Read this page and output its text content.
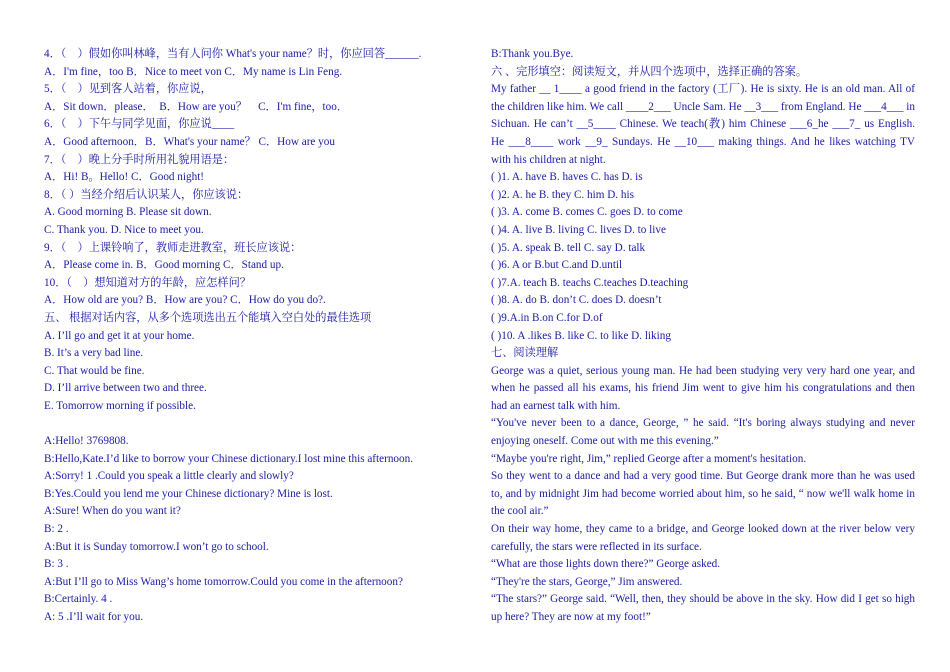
4．（　）假如你叫林峰，当有人问你 What's your name？时，你应回答______.
A．I'm fine，too B．Nice to meet von C．My name is Lin Feng.
5．（　）见到客人站着，你应说，
A．Sit down．please．　B．How are you？　C．I'm fine，too．
6．（　）下午与同学见面，你应说____
A．Good afternoon．B．What's your name？ C．How are you
7．（　）晚上分手时所用礼貌用语是：
A．Hi! B。Hello! C．Good night!
8．（ ）当经介绍后认识某人，你应该说：
A. Good morning B. Please sit down.
C. Thank you. D. Nice to meet you.
9．（　）上课铃响了，教师走进教室，班长应该说：
A．Please come in. B．Good morning C．Stand up.
10．（　）想知道对方的年龄，应怎样问？
A．How old are you? B．How are you? C．How do you do?.
五、 根据对话内容，从多个选项选出五个能填入空白处的最佳选项
A. I’ll go and get it at your home.
B. It’s a very bad line.
C. That would be fine.
D. I’ll arrive between two and three.
E. Tomorrow morning if possible.
A:Hello! 3769808.
B:Hello,Kate.I’d like to borrow your Chinese dictionary.I lost mine this afternoon.
A:Sorry! 1 .Could you speak a little clearly and slowly?
B:Yes.Could you lend me your Chinese dictionary? Mine is lost.
A:Sure! When do you want it?
B: 2 .
A:But it is Sunday tomorrow.I won’t go to school.
B: 3 .
A:But I’ll go to Miss Wang’s home tomorrow.Could you come in the afternoon?
B:Certainly. 4 .
A: 5 .I’ll wait for you.
B:Thank you.Bye.
六 、完形填空：阅读短文，并从四个选项中，选择正确的答案。
My father __ 1____ a good friend in the factory (工厂). He is sixty. He is an old man. All of the children like him. We call ____2___ Uncle Sam. He __3___ from England. He ___4___ in Sichuan. He can’t __5____ Chinese. We teach(教) him Chinese ___6_he ___7_ us English. He ___8____ work __9_ Sundays. He __10___ making things. And he likes watching TV with his children at night.
( )1. A. have B. haves C. has D. is
( )2. A. he B. they C. him D. his
( )3. A. come B. comes C. goes D. to come
( )4. A. live B. living C. lives D. to live
( )5. A. speak B. tell C. say D. talk
( )6. A or B.but C.and D.until
( )7.A. teach B. teachs C.teaches D.teaching
( )8. A. do B. don’t C. does D. doesn’t
( )9.A.in B.on C.for D.of
( )10. A .likes B. like C. to like D. liking
七、阅读理解
George was a quiet, serious young man. He had been studying very very hard one year, and when he passed all his exams, his friend Jim went to give him his congratulations and then had an earnest talk with him.
“You've never been to a dance, George, ” he said. “It's boring always studying and never enjoying oneself. Come out with me this evening.”
“Maybe you're right, Jim,” replied George after a moment's hesitation.
So they went to a dance and had a very good time. But George drank more than he was used to, and by midnight Jim had become worried about him, so he said, “ now we'll walk home in the cool air.”
On their way home, they came to a bridge, and George looked down at the river below very carefully, the stars were reflected in its surface.
“What are those lights down there?” George asked.
“They're the stars, George,” Jim answered.
“The stars?” George said. “Well, then, they should be above in the sky. How did I get so high up here? They are now at my foot!”
